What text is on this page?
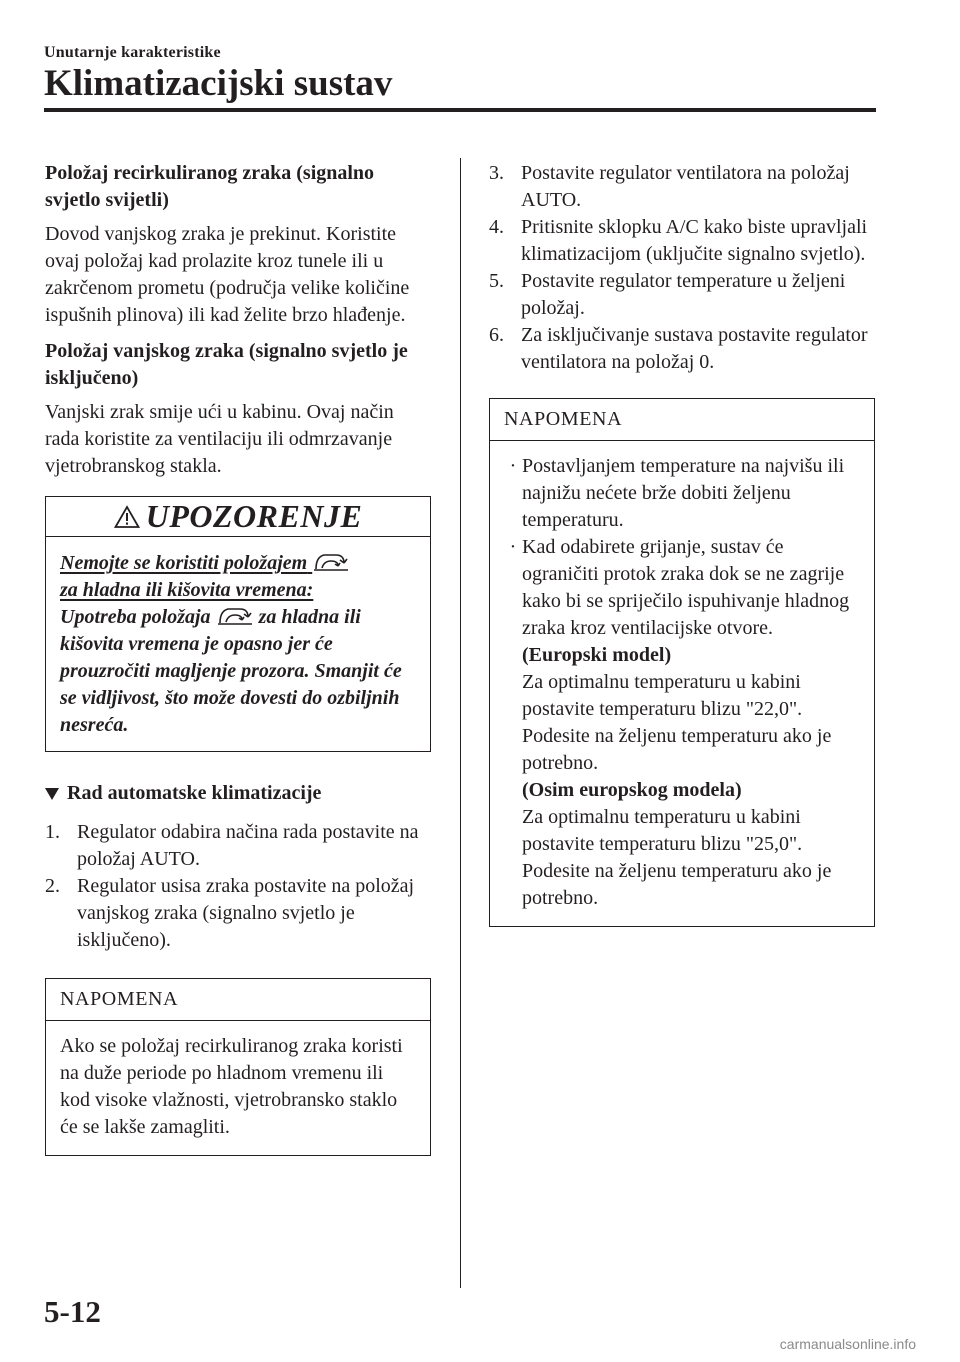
Unutarnje karakteristike
Klimatizacijski sustav
Položaj recirkuliranog zraka (signalno svjetlo svijetli)

Dovod vanjskog zraka je prekinut. Koristite ovaj položaj kad prolazite kroz tunele ili u zakrčenom prometu (područja velike količine ispušnih plinova) ili kad želite brzo hlađenje.

Položaj vanjskog zraka (signalno svjetlo je isključeno)

Vanjski zrak smije ući u kabinu. Ovaj način rada koristite za ventilaciju ili odmrzavanje vjetrobranskog stakla.

UPOZORENJE
Nemojte se koristiti položajem
za hladna ili kišovita vremena:
Upotreba položaja za hladna ili kišovita vremena je opasno jer će prouzročiti magljenje prozora. Smanjit će se vidljivost, što može dovesti do ozbiljnih nesreća.
Rad automatske klimatizacije
1. Regulator odabira načina rada postavite na položaj AUTO.
2. Regulator usisa zraka postavite na položaj vanjskog zraka (signalno svjetlo je isključeno).
NAPOMENA

Ako se položaj recirkuliranog zraka koristi na duže periode po hladnom vremenu ili kod visoke vlažnosti, vjetrobransko staklo će se lakše zamagliti.

3. Postavite regulator ventilatora na položaj AUTO.
4. Pritisnite sklopku A/C kako biste upravljali klimatizacijom (uključite signalno svjetlo).
5. Postavite regulator temperature u željeni položaj.
6. Za isključivanje sustava postavite regulator ventilatora na položaj 0.
NAPOMENA
· Postavljanjem temperature na najvišu ili najnižu nećete brže dobiti željenu temperaturu.
· Kad odabirete grijanje, sustav će ograničiti protok zraka dok se ne zagrije kako bi se spriječilo ispuhivanje hladnog zraka kroz ventilacijske otvore.
(Europski model)
Za optimalnu temperaturu u kabini postavite temperaturu blizu "22,0". Podesite na željenu temperaturu ako je potrebno.
(Osim europskog modela)
Za optimalnu temperaturu u kabini postavite temperaturu blizu "25,0". Podesite na željenu temperaturu ako je potrebno.
5-12
carmanualsonline.info
